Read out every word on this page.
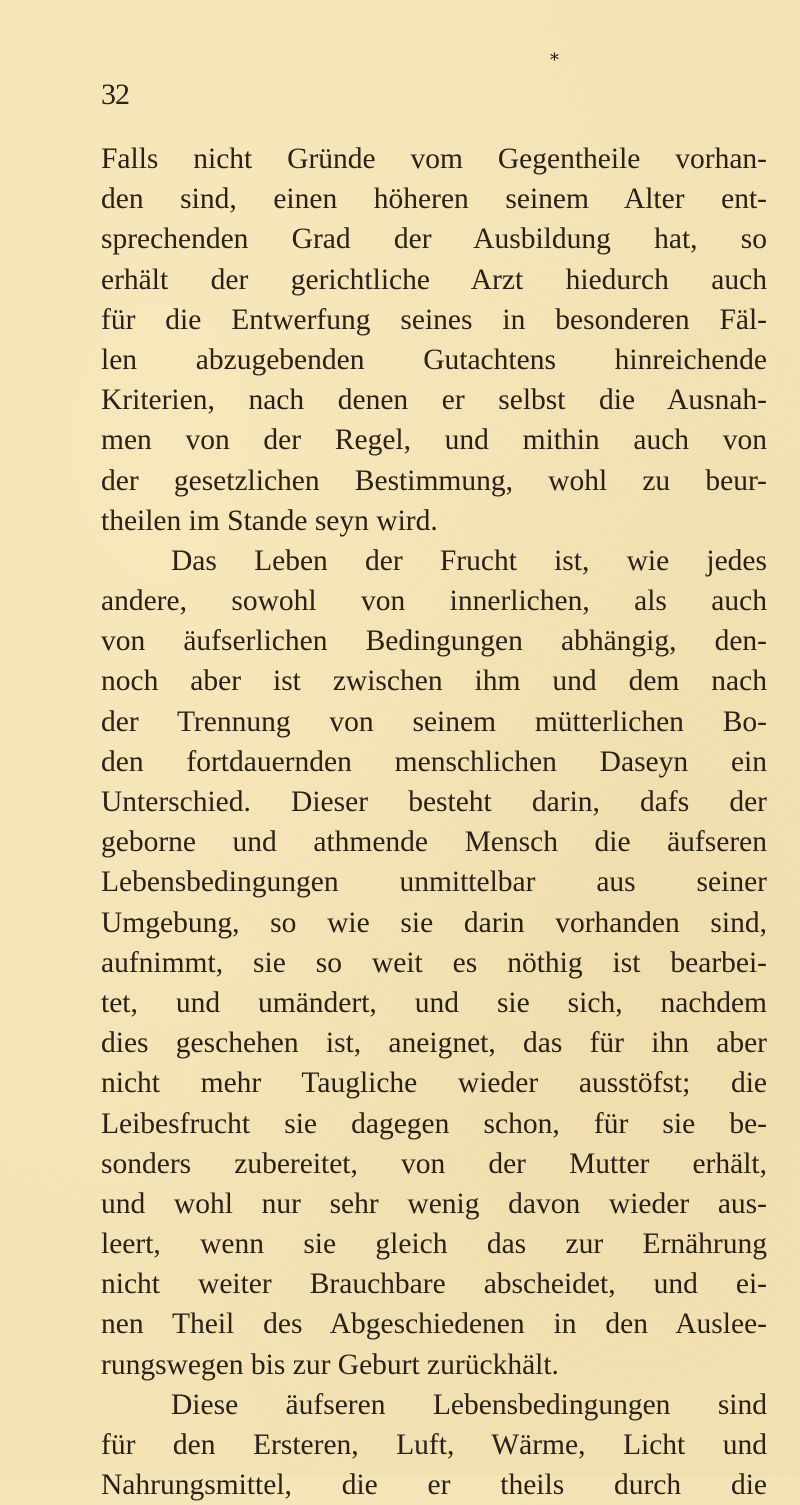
*
32
Falls nicht Gründe vom Gegentheile vorhan-
den sind, einen höheren seinem Alter ent-
sprechenden Grad der Ausbildung hat, so
erhält der gerichtliche Arzt hiedurch auch
für die Entwerfung seines in besonderen Fäl-
len abzugebenden Gutachtens hinreichende
Kriterien, nach denen er selbst die Ausnah-
men von der Regel, und mithin auch von
der gesetzlichen Bestimmung, wohl zu beur-
theilen im Stande seyn wird.
Das Leben der Frucht ist, wie jedes
andere, sowohl von innerlichen, als auch
von äufserlichen Bedingungen abhängig, den-
noch aber ist zwischen ihm und dem nach
der Trennung von seinem mütterlichen Bo-
den fortdauernden menschlichen Daseyn ein
Unterschied. Dieser besteht darin, dafs der
geborne und athmende Mensch die äufseren
Lebensbedingungen unmittelbar aus seiner
Umgebung, so wie sie darin vorhanden sind,
aufnimmt, sie so weit es nöthig ist bearbei-
tet, und umändert, und sie sich, nachdem
dies geschehen ist, aneignet, das für ihn aber
nicht mehr Taugliche wieder ausstöfst; die
Leibesfrucht sie dagegen schon, für sie be-
sonders zubereitet, von der Mutter erhält,
und wohl nur sehr wenig davon wieder aus-
leert, wenn sie gleich das zur Ernährung
nicht weiter Brauchbare abscheidet, und ei-
nen Theil des Abgeschiedenen in den Auslee-
rungswegen bis zur Geburt zurückhält.
Diese äufseren Lebensbedingungen sind
für den Ersteren, Luft, Wärme, Licht und
Nahrungsmittel, die er theils durch die
